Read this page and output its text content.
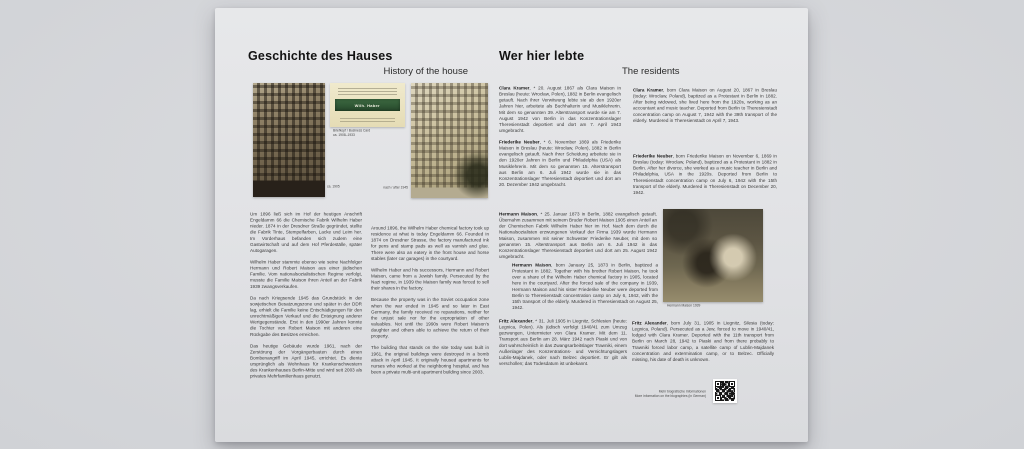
Geschichte des Hauses
History of the house
ca. 1905
Wilh. Haber
Briefkopf / Business Card
ca. 1908–1933
nach / after 1945

Um 1896 ließ sich im Hof der heutigen Anschrift Engeldamm 66 die Chemische Fabrik Wilhelm Haber nieder. 1874 in der Dresdner Straße gegründet, stellte die Fabrik Tinte, Stempelfarben, Lacke und Leim her. Im Vorderhaus befanden sich zudem eine Gastwirtschaft und auf dem Hof Pferdeställe, später Autogaragen.

Wilhelm Haber stammte ebenso wie seine Nachfolger Hermann und Robert Maison aus einer jüdischen Familie. Vom nationalsozialistischen Regime verfolgt, musste die Familie Maison ihren Anteil an der Fabrik 1939 zwangsverkaufen.

Da nach Kriegsende 1945 das Grundstück in der sowjetischen Besatzungszone und später in der DDR lag, erhielt die Familie keine Entschädigungen für den unrechtmäßigen Verkauf und die Enteignung anderer Wertgegenstände. Erst in den 1990er Jahren konnte die Tochter von Robert Maison mit anderen eine Rückgabe des Besitzes erreichen.

Das heutige Gebäude wurde 1961, nach der Zerstörung der Vorgängerbauten durch einen Bombenangriff im April 1945, errichtet. Es diente ursprünglich als Wohnhaus für Krankenschwestern des Krankenhauses Berlin-Mitte und wird seit 2003 als privates Mehrfamilienhaus genutzt.

Around 1896, the Wilhelm Haber chemical factory took up residence at what is today Engeldamm 66. Founded in 1874 on Dresdner Strasse, the factory manufactured ink for pens and stamp pads as well as varnish and glue. There were also an eatery in the front house and horse stables (later car garages) in the courtyard.

Wilhelm Haber and his successors, Hermann and Robert Maison, came from a Jewish family. Persecuted by the Nazi regime, in 1939 the Maison family was forced to sell their shares in the factory.

Because the property was in the Soviet occupation zone when the war ended in 1945 and so later in East Germany, the family received no reparations, neither for the unjust sale nor for the expropriation of other valuables. Not until the 1990s were Robert Maison's daughter and others able to achieve the return of their property.

The building that stands on the site today was built in 1961, the original buildings were destroyed in a bomb attack in April 1945. It originally housed apartments for nurses who worked at the neighboring hospital, and has been a private multi-unit apartment building since 2003.

Wer hier lebte
The residents

Clara Kramer, * 20. August 1867 als Clara Maison in Breslau (heute: Wrocław, Polen), 1882 in Berlin evangelisch getauft. Nach ihrer Verwitwung lebte sie ab den 1920er Jahren hier, arbeitete als Buchhalterin und Musiklehrerin. Mit dem so genannten 39. Alterstransport wurde sie am 7. August 1942 von Berlin in das Konzentrationslager Theresienstadt deportiert und dort am 7. April 1943 umgebracht.

Friederike Neuber, * 6. November 1869 als Friederike Maison in Breslau (heute: Wrocław, Polen), 1882 in Berlin evangelisch getauft. Nach ihrer Scheidung arbeitete sie in den 1920er Jahren in Berlin und Philadelphia (USA) als Musiklehrerin. Mit dem so genannten 15. Alterstransport aus Berlin am 6. Juli 1942 wurde sie in das Konzentrationslager Theresienstadt deportiert und dort am 20. Dezember 1942 umgebracht.

Hermann Maison, * 25. Januar 1873 in Berlin, 1882 evangelisch getauft. Übernahm zusammen mit seinem Bruder Robert Maison 1905 einen Anteil an der Chemischen Fabrik Wilhelm Haber hier im Hof. Nach dem durch die Nationalsozialisten erzwungenen Verkauf der Firma 1939 wurde Hermann Maison, zusammen mit seiner Schwester Friederike Neuber, mit dem so genannten 15. Alterstransport aus Berlin am 6. Juli 1942 in das Konzentrationslager Theresienstadt deportiert und dort am 25. August 1942 umgebracht.

Fritz Alexander, * 31. Juli 1905 in Liegnitz, Schlesien (heute: Legnica, Polen). Als jüdisch verfolgt 1940/41 zum Umzug gezwungen, Untermieter von Clara Kramer. Mit dem 11. Transport aus Berlin am 28. März 1942 nach Piaski und von dort wahrscheinlich in das Zwangsarbeitslager Trawniki, einem Außenlager des Konzentrations- und Vernichtungslagers Lublin-Majdanek, oder nach Belzec deportiert. Er gilt als verschollen; das Todesdatum ist unbekannt.

Clara Kramer, born Clara Maison on August 20, 1867 in Breslau (today: Wroclaw, Poland), baptized as a Protestant in Berlin in 1882. After being widowed, she lived here from the 1920s, working as an accountant and music teacher. Deported from Berlin to Theresienstadt concentration camp on August 7, 1942 with the 39th transport of the elderly. Murdered in Theresienstadt on April 7, 1943.

Friederike Neuber, born Friederike Maison on November 6, 1869 in Breslau (today: Wroclaw, Poland), baptized as a Protestant in 1882 in Berlin. After her divorce, she worked as a music teacher in Berlin and Philadelphia, USA in the 1920s. Deported from Berlin to Theresienstadt concentration camp on July 6, 1942 with the 15th transport of the elderly. Murdered in Theresienstadt on December 20, 1942.

Hermann Maison, born January 25, 1873 in Berlin, baptized a Protestant in 1882. Together with his brother Robert Maison, he took over a share of the Wilhelm Haber chemical factory in 1905, located here in the courtyard. After the forced sale of the company in 1939, Hermann Maison and his sister Friederike Neuber were deported from Berlin to Theresienstadt concentration camp on July 6, 1942, with the 15th transport of the elderly. Murdered in Theresienstadt on August 25, 1942.

Fritz Alexander, born July 31, 1905 in Liegnitz, Silesia (today: Legnica, Poland). Persecuted as a Jew, forced to move in 1940/41, lodged with Clara Kramer. Deported with the 11th transport from Berlin on March 28, 1942 to Piaski and from there probably to Trawniki forced labor camp, a satellite camp of Lublin-Majdanek concentration and extermination camp, or to Belzec. Officially missing, his date of death is unknown.

Hermann Maison 1939
Mehr biografische Informationen
More information on the biographies (in German)
